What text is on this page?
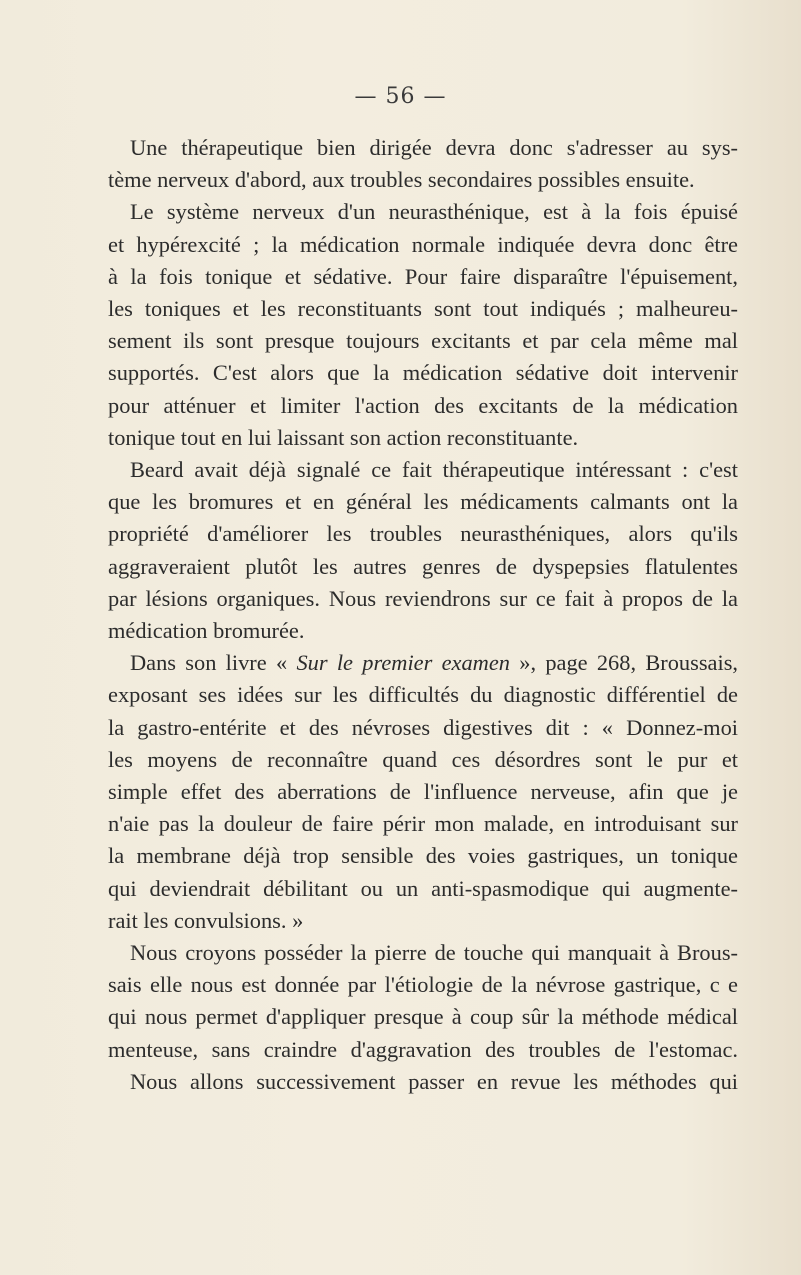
— 56 —
Une thérapeutique bien dirigée devra donc s'adresser au sys-
tème nerveux d'abord, aux troubles secondaires possibles ensuite.
Le système nerveux d'un neurasthénique, est à la fois épuisé
et hypérexcité ; la médication normale indiquée devra donc être
à la fois tonique et sédative. Pour faire disparaître l'épuisement,
les toniques et les reconstituants sont tout indiqués ; malheureu-
sement ils sont presque toujours excitants et par cela même mal
supportés. C'est alors que la médication sédative doit intervenir
pour atténuer et limiter l'action des excitants de la médication
tonique tout en lui laissant son action reconstituante.
Beard avait déjà signalé ce fait thérapeutique intéressant : c'est
que les bromures et en général les médicaments calmants ont la
propriété d'améliorer les troubles neurasthéniques, alors qu'ils
aggraveraient plutôt les autres genres de dyspepsies flatulentes
par lésions organiques. Nous reviendrons sur ce fait à propos de la
médication bromurée.
Dans son livre « Sur le premier examen », page 268, Broussais,
exposant ses idées sur les difficultés du diagnostic différentiel de
la gastro-entérite et des névroses digestives dit : « Donnez-moi
les moyens de reconnaître quand ces désordres sont le pur et
simple effet des aberrations de l'influence nerveuse, afin que je
n'aie pas la douleur de faire périr mon malade, en introduisant sur
la membrane déjà trop sensible des voies gastriques, un tonique
qui deviendrait débilitant ou un anti-spasmodique qui augmente-
rait les convulsions. »
Nous croyons posséder la pierre de touche qui manquait à Brous-
sais elle nous est donnée par l'étiologie de la névrose gastrique, c e
qui nous permet d'appliquer presque à coup sûr la méthode médical
menteuse, sans craindre d'aggravation des troubles de l'estomac.
Nous allons successivement passer en revue les méthodes qui
